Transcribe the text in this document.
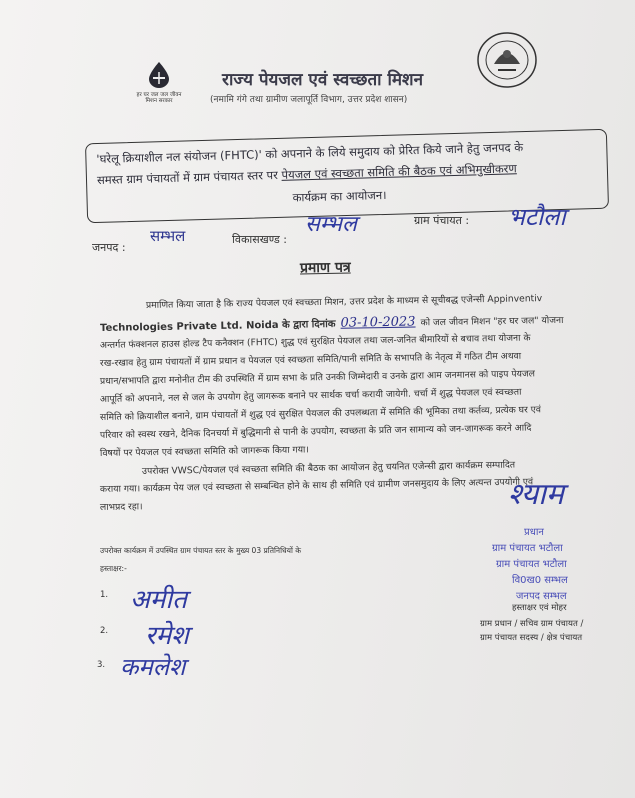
हर घर जल जल जीवन मिशन सरकार
राज्य पेयजल एवं स्वच्छता मिशन
(नमामि गंगे तथा ग्रामीण जलापूर्ति विभाग, उत्तर प्रदेश शासन)

'घरेलू क्रियाशील नल संयोजन (FHTC)' को अपनाने के लिये समुदाय को प्रेरित किये जाने हेतु जनपद के

समस्त ग्राम पंचायतों में ग्राम पंचायत स्तर पर पेयजल एवं स्वच्छता समिति की बैठक एवं अभिमुखीकरण

कार्यक्रम का आयोजन।

जनपद :
सम्भल	विकासखण्ड :
सम्भल	ग्राम पंचायत : भटौला
प्रमाण पत्र
प्रमाणित किया जाता है कि राज्य पेयजल एवं स्वच्छता मिशन, उत्तर प्रदेश के माध्यम से सूचीबद्ध एजेन्सी Appinventiv
Technologies Private Ltd. Noida के द्वारा दिनांक 03-10-2023 को जल जीवन मिशन "हर घर जल" योजना
अन्तर्गत फंक्शनल हाउस होल्ड टैप कनैक्शन (FHTC) शुद्ध एवं सुरक्षित पेयजल तथा जल-जनित बीमारियों से बचाव तथा योजना के
रख-रखाव हेतु ग्राम पंचायतों में ग्राम प्रधान व पेयजल एवं स्वच्छता समिति/पानी समिति के सभापति के नेतृत्व में गठित टीम अथवा
प्रधान/सभापति द्वारा मनोनीत टीम की उपस्थिति में ग्राम सभा के प्रति उनकी जिम्मेदारी व उनके द्वारा आम जनमानस को पाइप पेयजल
आपूर्ति को अपनाने, नल से जल के उपयोग हेतु जागरूक बनाने पर सार्थक चर्चा करायी जायेगी. चर्चा में शुद्ध पेयजल एवं स्वच्छता
समिति को क्रियाशील बनाने, ग्राम पंचायतों में शुद्ध एवं सुरक्षित पेयजल की उपलब्धता में समिति की भूमिका तथा कर्तव्य, प्रत्येक घर एवं
परिवार को स्वस्थ रखने, दैनिक दिनचर्या में बुद्धिमानी से पानी के उपयोग, स्वच्छता के प्रति जन सामान्य को जन-जागरूक करने आदि
विषयों पर पेयजल एवं स्वच्छता समिति को जागरूक किया गया।
उपरोक्त VWSC/पेयजल एवं स्वच्छता समिति की बैठक का आयोजन हेतु चयनित एजेन्सी द्वारा कार्यक्रम सम्पादित
कराया गया। कार्यक्रम पेय जल एवं स्वच्छता से सम्बन्धित होने के साथ ही समिति एवं ग्रामीण जनसमुदाय के लिए अत्यन्त उपयोगी एवं
लाभप्रद रहा।
उपरोक्त कार्यक्रम में उपस्थित ग्राम पंचायत स्तर के मुख्य 03 प्रतिनिधियों के
हस्ताक्षर:-
1. अमीत
2. रमेश
3. कमलेश
श्याम
प्रधान
ग्राम पंचायत भटौला
ग्राम पंचायत भटौला
वि0ख0 सम्भल
जनपद सम्भल
हस्ताक्षर एवं मोहर
ग्राम प्रधान / सचिव ग्राम पंचायत /
ग्राम पंचायत सदस्य / क्षेत्र पंचायत
